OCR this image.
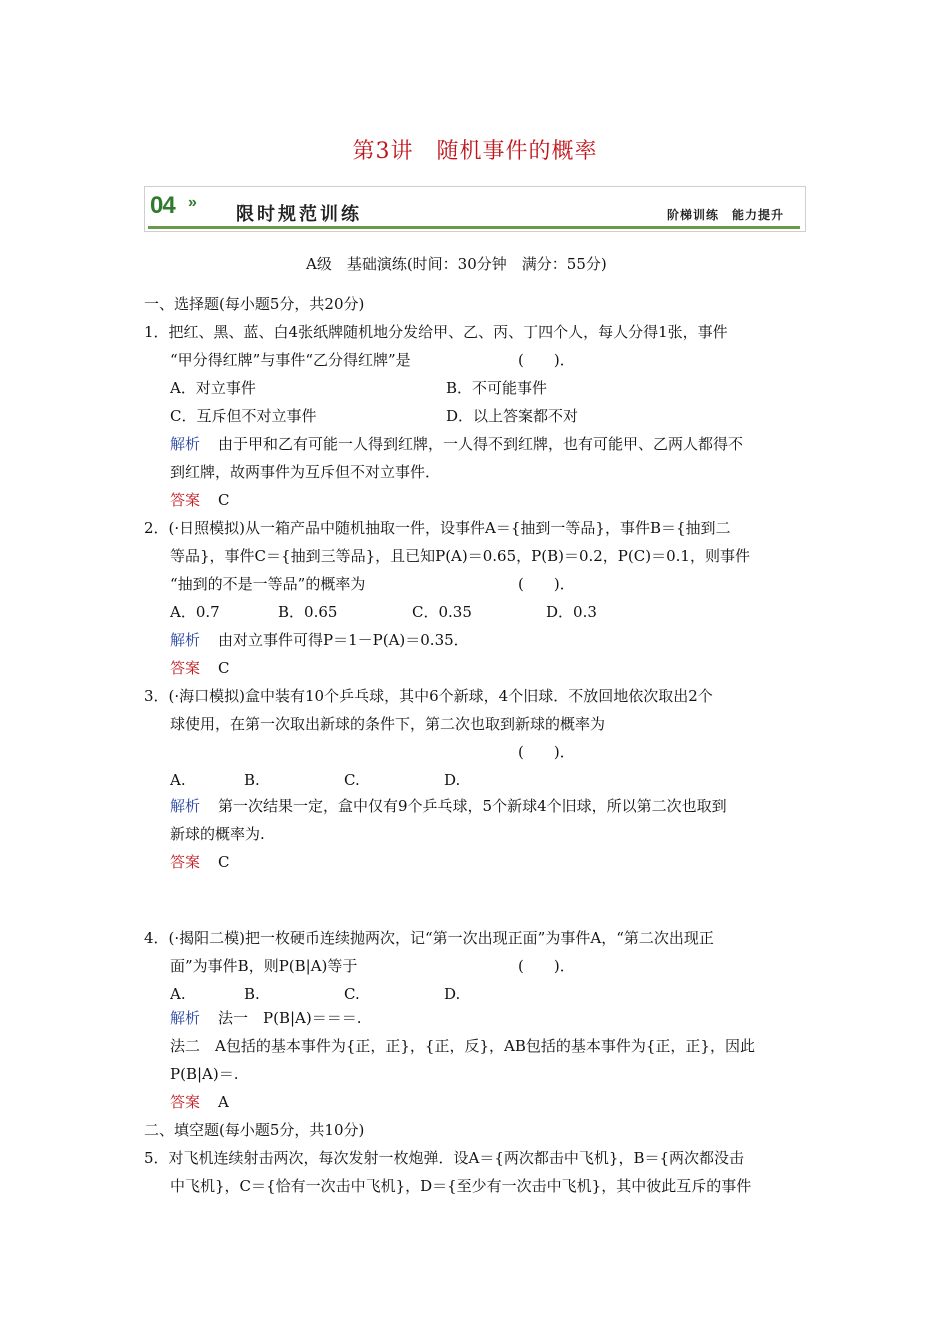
第3讲　随机事件的概率
04 »
限时规范训练	阶梯训练　能力提升
A级　基础演练(时间：30分钟　满分：55分)
一、选择题(每小题5分，共20分)
1．把红、黑、蓝、白4张纸牌随机地分发给甲、乙、丙、丁四个人，每人分得1张，事件
“甲分得红牌”与事件“乙分得红牌”是	(　　)．
A．对立事件	B．不可能事件
C．互斥但不对立事件	D．以上答案都不对
解析 由于甲和乙有可能一人得到红牌，一人得不到红牌，也有可能甲、乙两人都得不
到红牌，故两事件为互斥但不对立事件．
答案 C
2．(·日照模拟)从一箱产品中随机抽取一件，设事件A＝{抽到一等品}，事件B＝{抽到二
等品}，事件C＝{抽到三等品}，且已知P(A)＝0.65，P(B)＝0.2，P(C)＝0.1，则事件
“抽到的不是一等品”的概率为	(　　)．
A．0.7	B．0.65	C．0.35	D．0.3
解析 由对立事件可得P＝1－P(A)＝0.35．
答案 C
3．(·海口模拟)盒中装有10个乒乓球，其中6个新球，4个旧球．不放回地依次取出2个
球使用，在第一次取出新球的条件下，第二次也取到新球的概率为
(　　)．
A.	B.	C.	D.
解析 第一次结果一定，盒中仅有9个乒乓球，5个新球4个旧球，所以第二次也取到
新球的概率为.
答案 C
4．(·揭阳二模)把一枚硬币连续抛两次，记“第一次出现正面”为事件A，“第二次出现正
面”为事件B，则P(B|A)等于	(　　)．
A.	B.	C.	D.
解析 法一　P(B|A)＝＝＝.
法二　A包括的基本事件为{正，正}，{正，反}，AB包括的基本事件为{正，正}，因此
P(B|A)＝.
答案 A
二、填空题(每小题5分，共10分)
5．对飞机连续射击两次，每次发射一枚炮弹．设A＝{两次都击中飞机}，B＝{两次都没击
中飞机}，C＝{恰有一次击中飞机}，D＝{至少有一次击中飞机}，其中彼此互斥的事件
